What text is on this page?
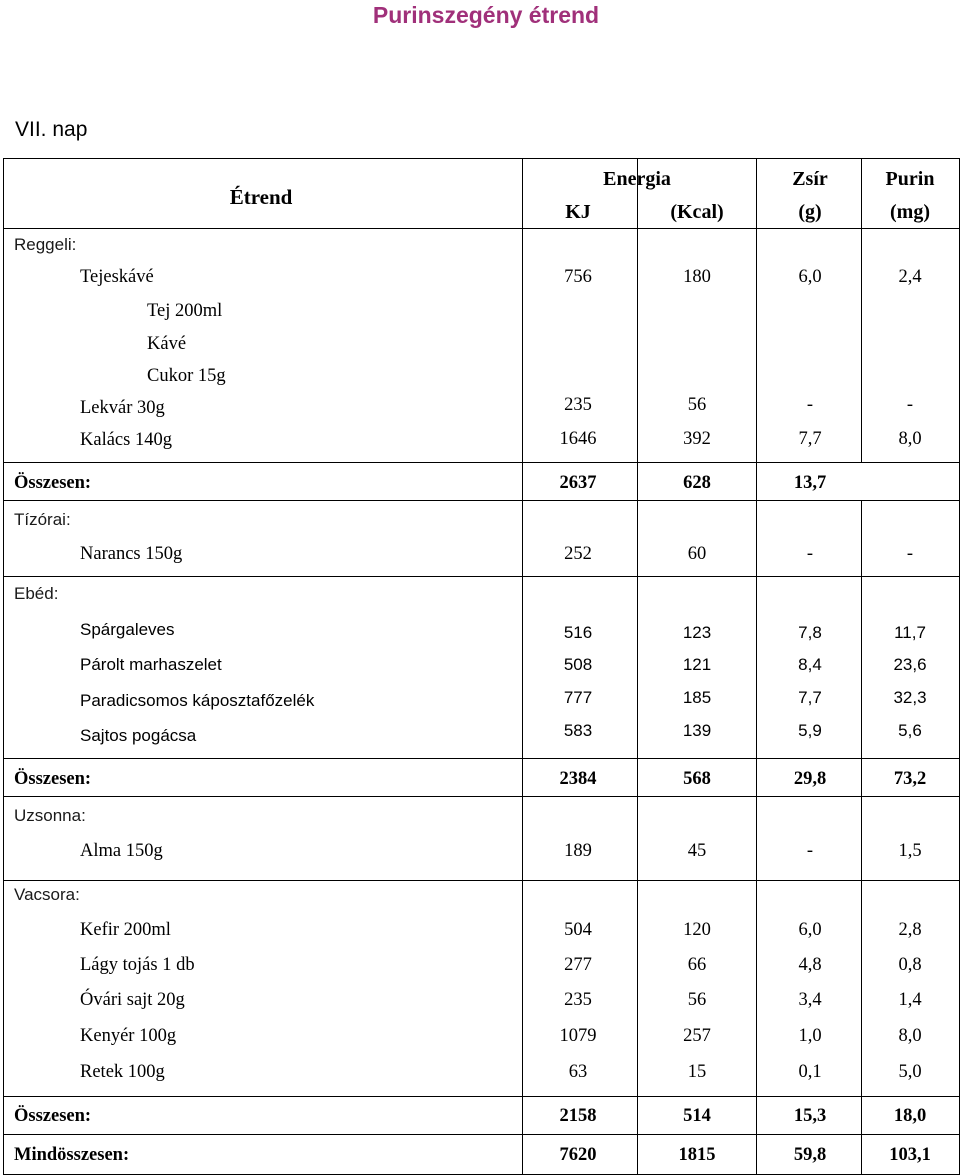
Purinszegény étrend
VII. nap
Étrend
Energia
KJ	(Kcal)
Zsír
(g)
Purin
(mg)
Reggeli:
Tejeskávé	756	180	6,0	2,4
Tej 200ml
Kávé
Cukor 15g
Lekvár 30g	235	56	-	-
Kalács 140g	1646	392	7,7	8,0
Összesen:	2637	628	13,7
Tízórai:
Narancs 150g	252	60	-	-
Ebéd:
Spárgaleves	516	123	7,8	11,7
Párolt marhaszelet	508	121	8,4	23,6
Paradicsomos káposztafőzelék	777	185	7,7	32,3
Sajtos pogácsa	583	139	5,9	5,6
Összesen:	2384	568	29,8	73,2
Uzsonna:
Alma 150g	189	45	-	1,5
Vacsora:
Kefir 200ml	504	120	6,0	2,8
Lágy tojás 1 db	277	66	4,8	0,8
Óvári sajt 20g	235	56	3,4	1,4
Kenyér 100g	1079	257	1,0	8,0
Retek 100g	63	15	0,1	5,0
Összesen:	2158	514	15,3	18,0
Mindösszesen:	7620	1815	59,8	103,1
